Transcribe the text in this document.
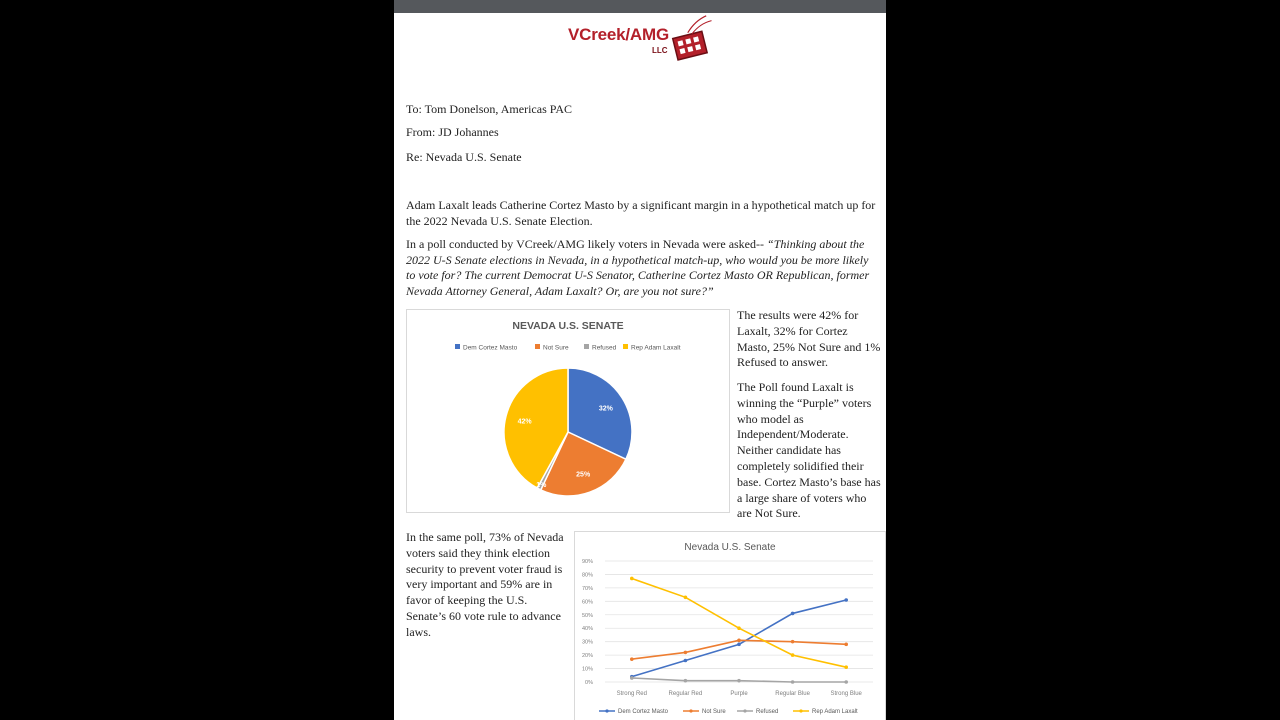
VCreek/AMG
LLC
To: Tom Donelson, Americas PAC
From: JD Johannes
Re: Nevada U.S. Senate
Adam Laxalt leads Catherine Cortez Masto by a significant margin in a hypothetical match up for the 2022 Nevada U.S. Senate Election.
In a poll conducted by VCreek/AMG likely voters in Nevada were asked-- “Thinking about the 2022 U-S Senate elections in Nevada, in a hypothetical match-up, who would you be more likely to vote for? The current Democrat U-S Senator, Catherine Cortez Masto OR Republican, former Nevada Attorney General, Adam Laxalt? Or, are you not sure?”
NEVADA U.S. SENATE
Dem Cortez Masto	Not Sure	Refused Rep Adam Laxalt
32%
25%
1%
42%
The results were 42% for Laxalt, 32% for Cortez Masto, 25% Not Sure and 1% Refused to answer.
The Poll found Laxalt is winning the “Purple” voters who model as Independent/Moderate. Neither candidate has completely solidified their base. Cortez Masto’s base has a large share of voters who are Not Sure.
In the same poll, 73% of Nevada voters said they think election security to prevent voter fraud is very important and 59% are in favor of keeping the U.S. Senate’s 60 vote rule to advance laws.
Nevada U.S. Senate
0%
10%
20%
30%
40%
50%
60%
70%
80%
90%
Strong Red	Regular Red	Purple	Regular Blue	Strong Blue
Dem Cortez Masto	Not Sure	Refused	Rep Adam Laxalt
